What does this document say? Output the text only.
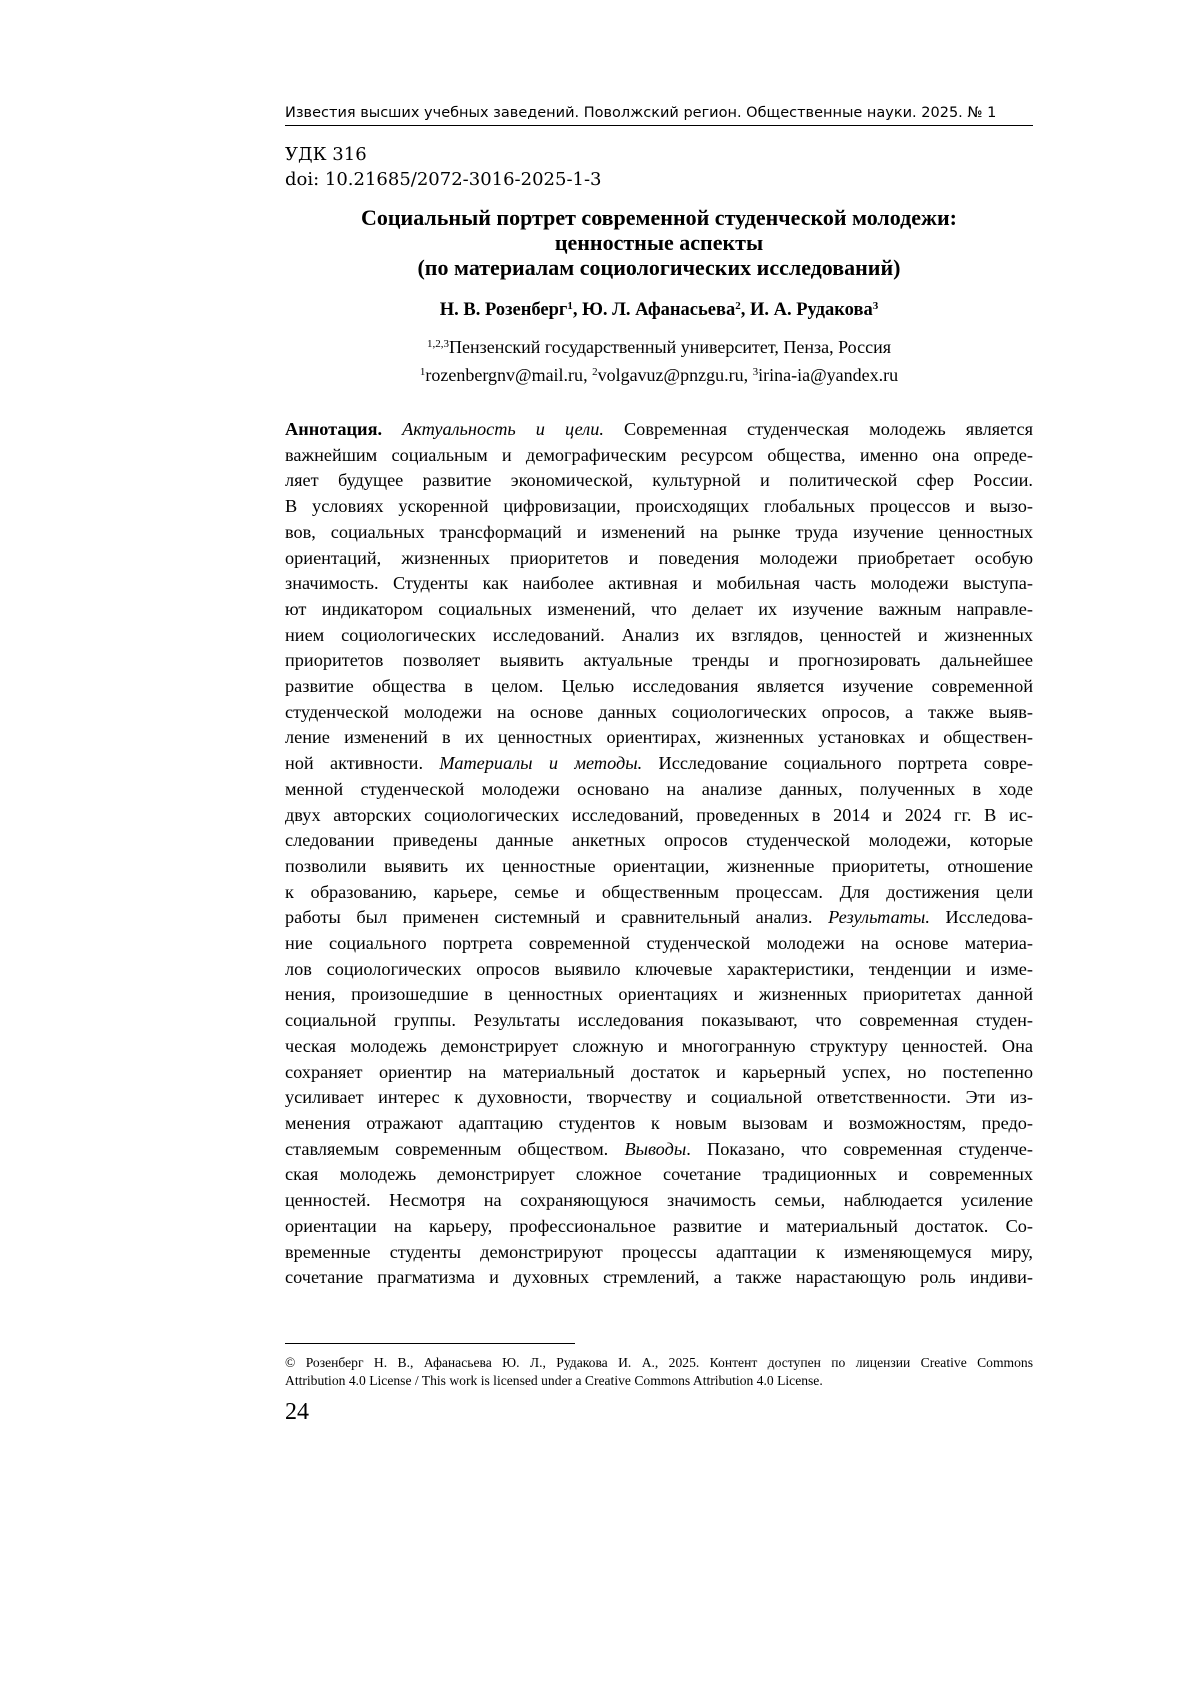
Известия высших учебных заведений. Поволжский регион. Общественные науки. 2025. № 1
УДК 316
doi: 10.21685/2072-3016-2025-1-3
Социальный портрет современной студенческой молодежи:
ценностные аспекты
(по материалам социологических исследований)
Н. В. Розенберг$^1$, Ю. Л. Афанасьева$^2$, И. А. Рудакова$^3$
$^{1,2,3}$Пензенский государственный университет, Пенза, Россия
$^1$rozenbergnv@mail.ru, $^2$volgavuz@pnzgu.ru, $^3$irina-ia@yandex.ru
Аннотация. Актуальность и цели. Современная студенческая молодежь является
важнейшим социальным и демографическим ресурсом общества, именно она опреде-
ляет будущее развитие экономической, культурной и политической сфер России.
В условиях ускоренной цифровизации, происходящих глобальных процессов и вызо-
вов, социальных трансформаций и изменений на рынке труда изучение ценностных
ориентаций, жизненных приоритетов и поведения молодежи приобретает особую
значимость. Студенты как наиболее активная и мобильная часть молодежи выступа-
ют индикатором социальных изменений, что делает их изучение важным направле-
нием социологических исследований. Анализ их взглядов, ценностей и жизненных
приоритетов позволяет выявить актуальные тренды и прогнозировать дальнейшее
развитие общества в целом. Целью исследования является изучение современной
студенческой молодежи на основе данных социологических опросов, а также выяв-
ление изменений в их ценностных ориентирах, жизненных установках и обществен-
ной активности. Материалы и методы. Исследование социального портрета совре-
менной студенческой молодежи основано на анализе данных, полученных в ходе
двух авторских социологических исследований, проведенных в 2014 и 2024 гг. В ис-
следовании приведены данные анкетных опросов студенческой молодежи, которые
позволили выявить их ценностные ориентации, жизненные приоритеты, отношение
к образованию, карьере, семье и общественным процессам. Для достижения цели
работы был применен системный и сравнительный анализ. Результаты. Исследова-
ние социального портрета современной студенческой молодежи на основе материа-
лов социологических опросов выявило ключевые характеристики, тенденции и изме-
нения, произошедшие в ценностных ориентациях и жизненных приоритетах данной
социальной группы. Результаты исследования показывают, что современная студен-
ческая молодежь демонстрирует сложную и многогранную структуру ценностей. Она
сохраняет ориентир на материальный достаток и карьерный успех, но постепенно
усиливает интерес к духовности, творчеству и социальной ответственности. Эти из-
менения отражают адаптацию студентов к новым вызовам и возможностям, предо-
ставляемым современным обществом. Выводы. Показано, что современная студенче-
ская молодежь демонстрирует сложное сочетание традиционных и современных
ценностей. Несмотря на сохраняющуюся значимость семьи, наблюдается усиление
ориентации на карьеру, профессиональное развитие и материальный достаток. Со-
временные студенты демонстрируют процессы адаптации к изменяющемуся миру,
сочетание прагматизма и духовных стремлений, а также нарастающую роль индиви-
© Розенберг Н. В., Афанасьева Ю. Л., Рудакова И. А., 2025. Контент доступен по лицензии Creative Commons
Attribution 4.0 License / This work is licensed under a Creative Commons Attribution 4.0 License.
24
